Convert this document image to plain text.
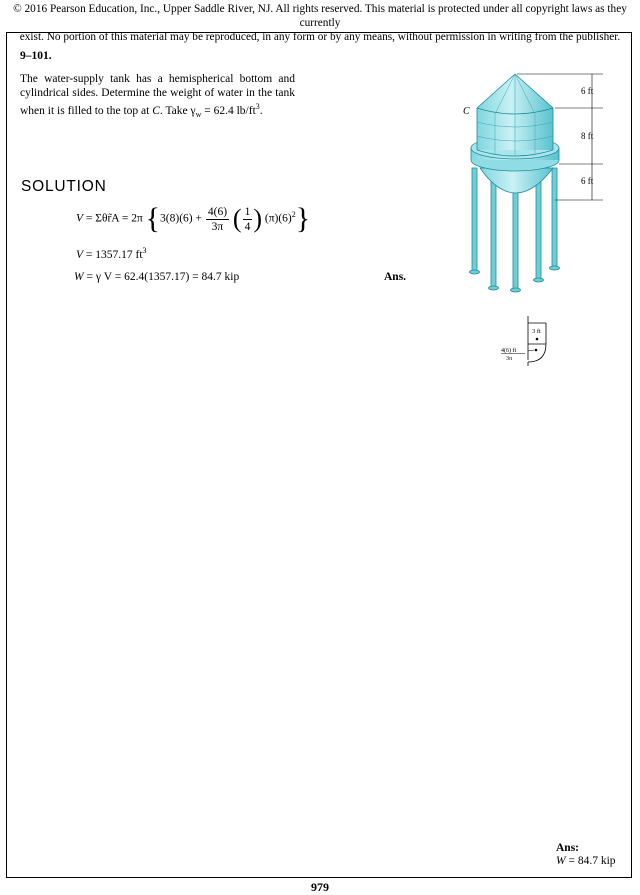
© 2016 Pearson Education, Inc., Upper Saddle River, NJ. All rights reserved. This material is protected under all copyright laws as they currently
exist. No portion of this material may be reproduced, in any form or by any means, without permission in writing from the publisher.
9–101.
The water-supply tank has a hemispherical bottom and cylindrical sides. Determine the weight of water in the tank when it is filled to the top at C. Take $\gamma_w = 62.4$ $lb/ft^3$.
SOLUTION
V = Σθr̃A = 2π {$3(8)(6) + \frac{4(6)}{3\pi}$ ( $\frac{1}{4}$ ) $(\pi)(6)^2$}
V = 1357.17 $ft^3$
W = γ V = 62.4(1357.17) = 84.7 kip	Ans.
C
6 ft
8 ft
6 ft
3 ft
4(6) ft
3π
Ans:
W = 84.7 kip
979
